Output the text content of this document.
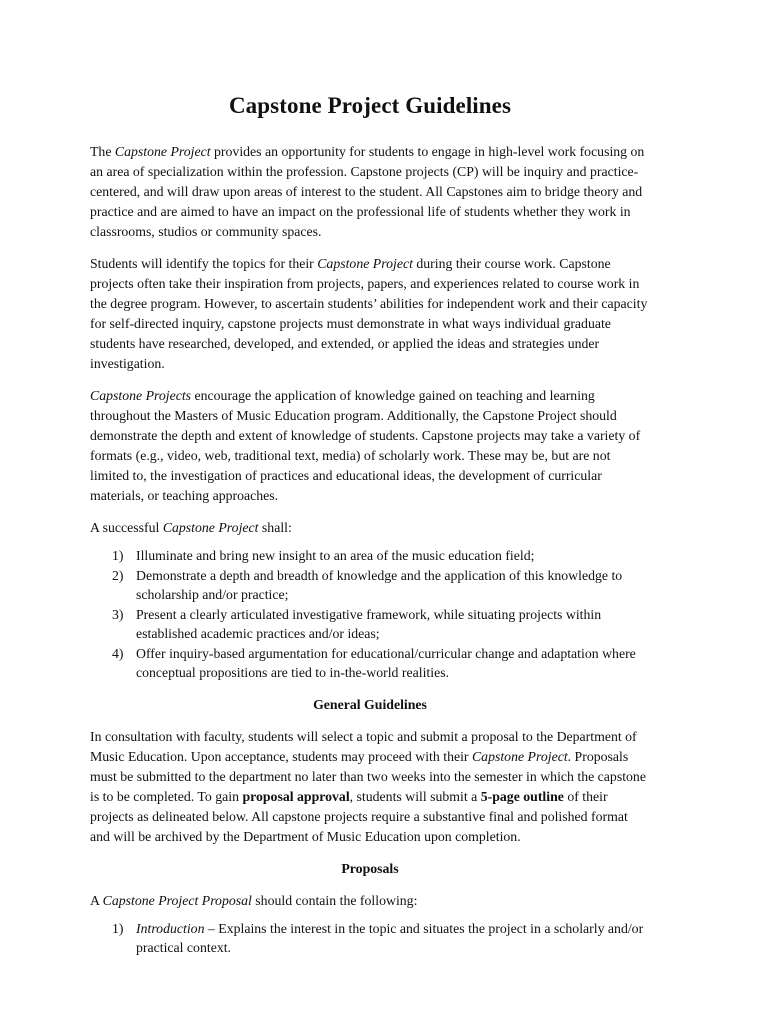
Capstone Project Guidelines

The Capstone Project provides an opportunity for students to engage in high-level work focusing on an area of specialization within the profession. Capstone projects (CP) will be inquiry and practice-centered, and will draw upon areas of interest to the student. All Capstones aim to bridge theory and practice and are aimed to have an impact on the professional life of students whether they work in classrooms, studios or community spaces.

Students will identify the topics for their Capstone Project during their course work. Capstone projects often take their inspiration from projects, papers, and experiences related to course work in the degree program. However, to ascertain students’ abilities for independent work and their capacity for self-directed inquiry, capstone projects must demonstrate in what ways individual graduate students have researched, developed, and extended, or applied the ideas and strategies under investigation.

Capstone Projects encourage the application of knowledge gained on teaching and learning throughout the Masters of Music Education program. Additionally, the Capstone Project should demonstrate the depth and extent of knowledge of students. Capstone projects may take a variety of formats (e.g., video, web, traditional text, media) of scholarly work. These may be, but are not limited to, the investigation of practices and educational ideas, the development of curricular materials, or teaching approaches.

A successful Capstone Project shall:

1) Illuminate and bring new insight to an area of the music education field;
2) Demonstrate a depth and breadth of knowledge and the application of this knowledge to scholarship and/or practice;
3) Present a clearly articulated investigative framework, while situating projects within established academic practices and/or ideas;
4) Offer inquiry-based argumentation for educational/curricular change and adaptation where conceptual propositions are tied to in-the-world realities.
General Guidelines

In consultation with faculty, students will select a topic and submit a proposal to the Department of Music Education. Upon acceptance, students may proceed with their Capstone Project. Proposals must be submitted to the department no later than two weeks into the semester in which the capstone is to be completed. To gain proposal approval, students will submit a 5-page outline of their projects as delineated below. All capstone projects require a substantive final and polished format and will be archived by the Department of Music Education upon completion.

Proposals

A Capstone Project Proposal should contain the following:

1) Introduction – Explains the interest in the topic and situates the project in a scholarly and/or practical context.
